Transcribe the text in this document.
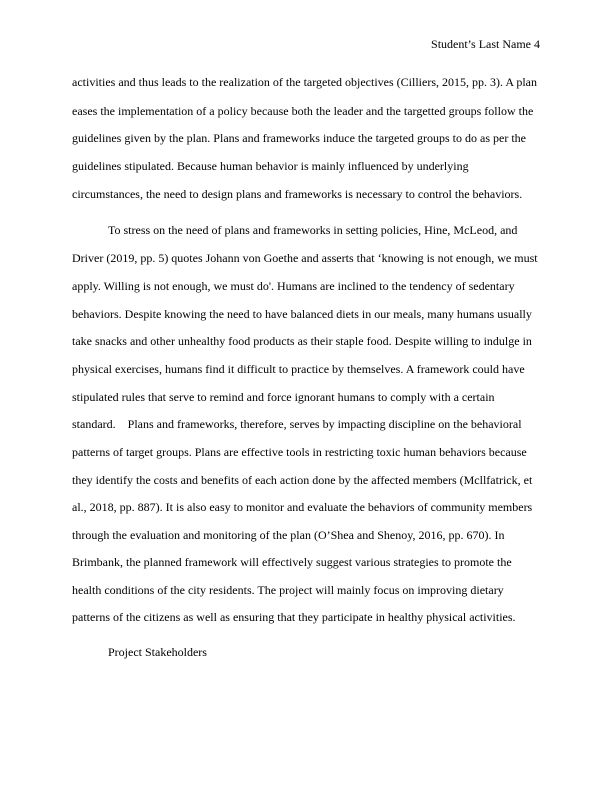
Student’s Last Name 4
activities and thus leads to the realization of the targeted objectives (Cilliers, 2015, pp. 3). A plan
eases the implementation of a policy because both the leader and the targetted groups follow the
guidelines given by the plan. Plans and frameworks induce the targeted groups to do as per the
guidelines stipulated. Because human behavior is mainly influenced by underlying
circumstances, the need to design plans and frameworks is necessary to control the behaviors.
To stress on the need of plans and frameworks in setting policies, Hine, McLeod, and
Driver (2019, pp. 5) quotes Johann von Goethe and asserts that ‘knowing is not enough, we must
apply. Willing is not enough, we must do'. Humans are inclined to the tendency of sedentary
behaviors. Despite knowing the need to have balanced diets in our meals, many humans usually
take snacks and other unhealthy food products as their staple food. Despite willing to indulge in
physical exercises, humans find it difficult to practice by themselves. A framework could have
stipulated rules that serve to remind and force ignorant humans to comply with a certain
standard.    Plans and frameworks, therefore, serves by impacting discipline on the behavioral
patterns of target groups. Plans are effective tools in restricting toxic human behaviors because
they identify the costs and benefits of each action done by the affected members (Mcllfatrick, et
al., 2018, pp. 887). It is also easy to monitor and evaluate the behaviors of community members
through the evaluation and monitoring of the plan (O’Shea and Shenoy, 2016, pp. 670). In
Brimbank, the planned framework will effectively suggest various strategies to promote the
health conditions of the city residents. The project will mainly focus on improving dietary
patterns of the citizens as well as ensuring that they participate in healthy physical activities.
Project Stakeholders
